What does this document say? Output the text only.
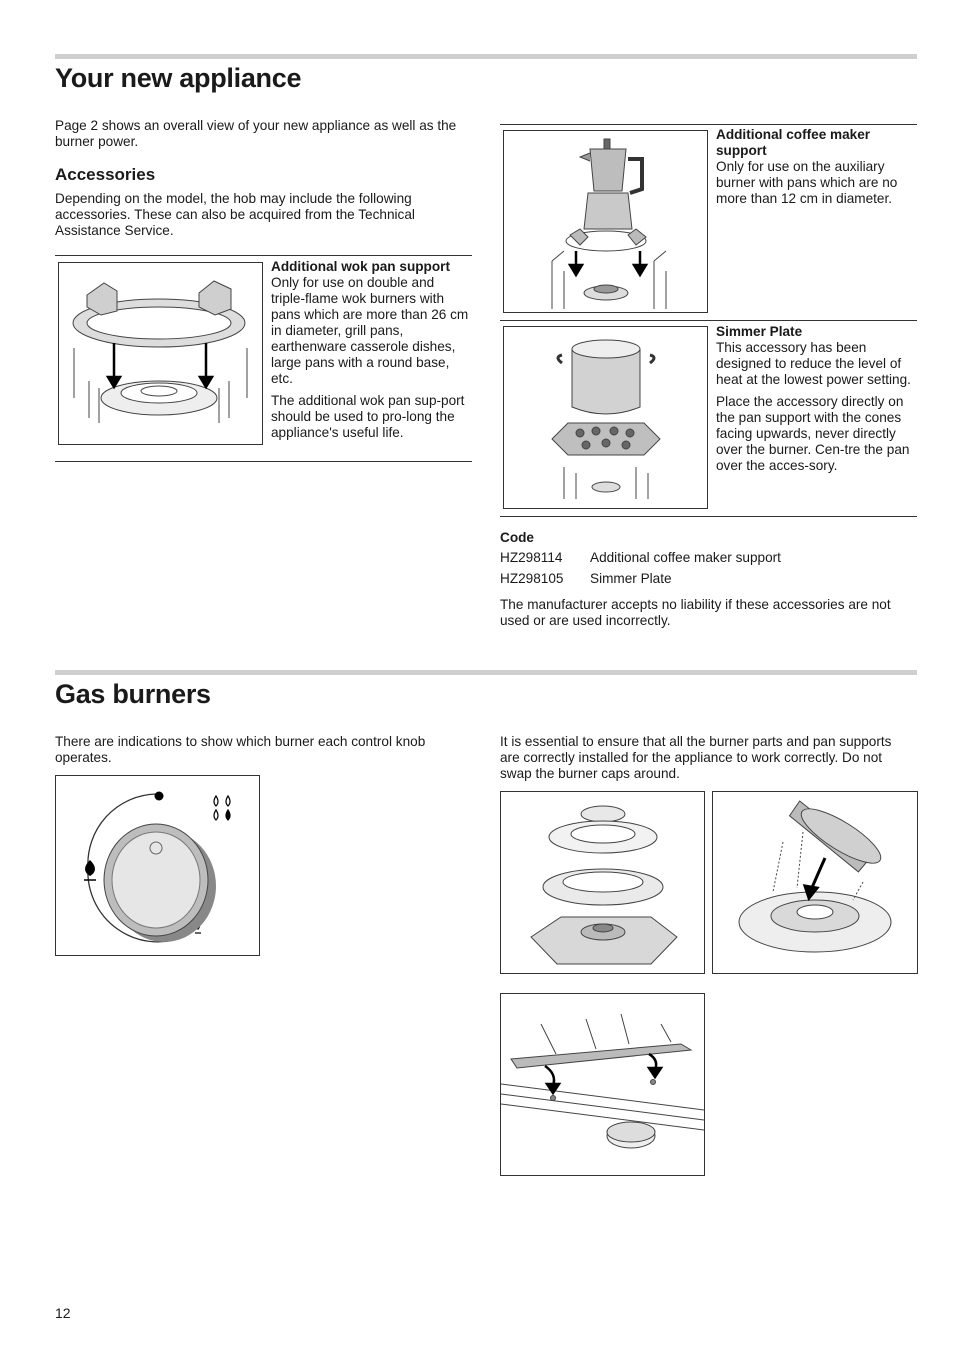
Your new appliance
Page 2 shows an overall view of your new appliance as well as the burner power.
Accessories
Depending on the model, the hob may include the following accessories. These can also be acquired from the Technical Assistance Service.
Additional wok pan support

Only for use on double and triple-flame wok burners with pans which are more than 26 cm in diameter, grill pans, earthenware casserole dishes, large pans with a round base, etc.

The additional wok pan sup-port should be used to pro-long the appliance's useful life.

Additional coffee maker support

Only for use on the auxiliary burner with pans which are no more than 12 cm in diameter.

Simmer Plate

This accessory has been designed to reduce the level of heat at the lowest power setting.

Place the accessory directly on the pan support with the cones facing upwards, never directly over the burner. Cen-tre the pan over the acces-sory.

Code
HZ298114 Additional coffee maker support
HZ298105 Simmer Plate
The manufacturer accepts no liability if these accessories are not used or are used incorrectly.
Gas burners
There are indications to show which burner each control knob operates.
It is essential to ensure that all the burner parts and pan supports are correctly installed for the appliance to work correctly. Do not swap the burner caps around.
12
